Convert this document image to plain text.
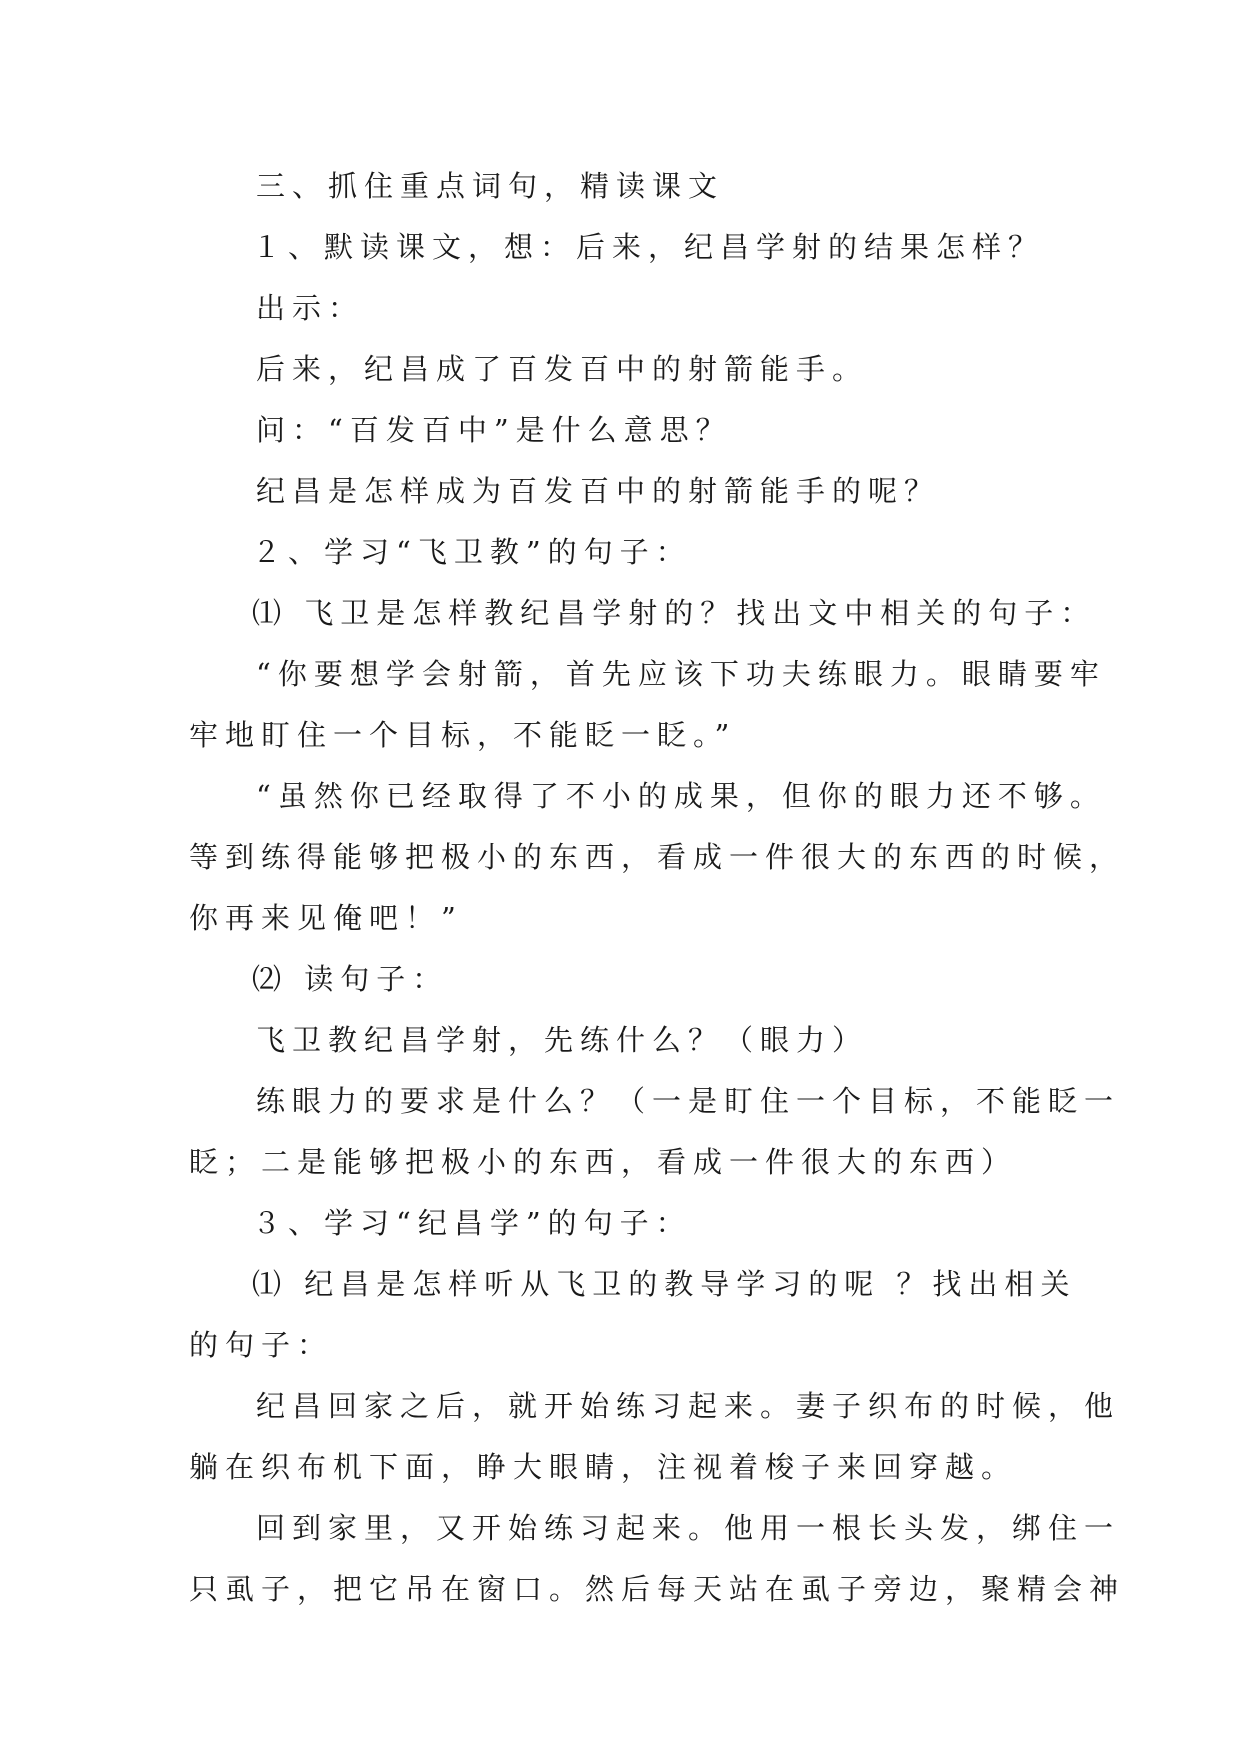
三、抓住重点词句，精读课文
１、默读课文，想：后来，纪昌学射的结果怎样？
出示：
后来，纪昌成了百发百中的射箭能手。
问：“百发百中”是什么意思？
纪昌是怎样成为百发百中的射箭能手的呢？
２、学习“飞卫教”的句子：
⑴ 飞卫是怎样教纪昌学射的？找出文中相关的句子：
“你要想学会射箭，首先应该下功夫练眼力。眼睛要牢
牢地盯住一个目标，不能眨一眨。”
“虽然你已经取得了不小的成果，但你的眼力还不够。
等到练得能够把极小的东西，看成一件很大的东西的时候，
你再来见俺吧！”
⑵ 读句子：
飞卫教纪昌学射，先练什么？（眼力）
练眼力的要求是什么？（一是盯住一个目标，不能眨一
眨；二是能够把极小的东西，看成一件很大的东西）
３、学习“纪昌学”的句子：
⑴ 纪昌是怎样听从飞卫的教导学习的呢 ？找出相关
的句子：
纪昌回家之后，就开始练习起来。妻子织布的时候，他
躺在织布机下面，睁大眼睛，注视着梭子来回穿越。
回到家里，又开始练习起来。他用一根长头发，绑住一
只虱子，把它吊在窗口。然后每天站在虱子旁边，聚精会神
